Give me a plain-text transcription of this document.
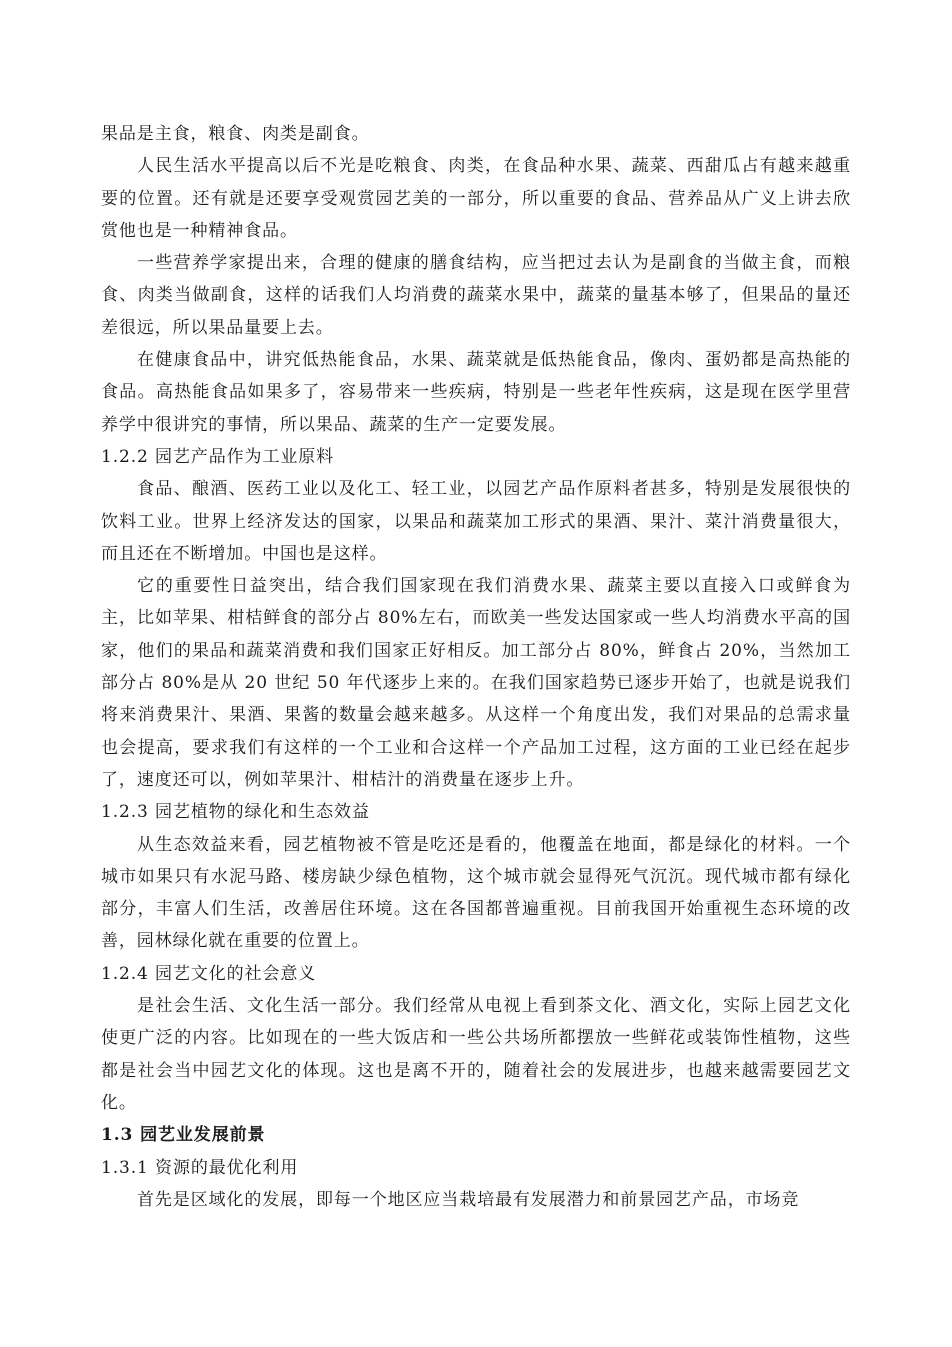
果品是主食，粮食、肉类是副食。

人民生活水平提高以后不光是吃粮食、肉类，在食品种水果、蔬菜、西甜瓜占有越来越重要的位置。还有就是还要享受观赏园艺美的一部分，所以重要的食品、营养品从广义上讲去欣赏他也是一种精神食品。

一些营养学家提出来，合理的健康的膳食结构，应当把过去认为是副食的当做主食，而粮食、肉类当做副食，这样的话我们人均消费的蔬菜水果中，蔬菜的量基本够了，但果品的量还差很远，所以果品量要上去。

在健康食品中，讲究低热能食品，水果、蔬菜就是低热能食品，像肉、蛋奶都是高热能的食品。高热能食品如果多了，容易带来一些疾病，特别是一些老年性疾病，这是现在医学里营养学中很讲究的事情，所以果品、蔬菜的生产一定要发展。

1.2.2 园艺产品作为工业原料

食品、酿酒、医药工业以及化工、轻工业，以园艺产品作原料者甚多，特别是发展很快的饮料工业。世界上经济发达的国家，以果品和蔬菜加工形式的果酒、果汁、菜汁消费量很大，而且还在不断增加。中国也是这样。

它的重要性日益突出，结合我们国家现在我们消费水果、蔬菜主要以直接入口或鲜食为主，比如苹果、柑桔鲜食的部分占 80%左右，而欧美一些发达国家或一些人均消费水平高的国家，他们的果品和蔬菜消费和我们国家正好相反。加工部分占 80%，鲜食占 20%，当然加工部分占 80%是从 20 世纪 50 年代逐步上来的。在我们国家趋势已逐步开始了，也就是说我们将来消费果汁、果酒、果酱的数量会越来越多。从这样一个角度出发，我们对果品的总需求量也会提高，要求我们有这样的一个工业和合这样一个产品加工过程，这方面的工业已经在起步了，速度还可以，例如苹果汁、柑桔汁的消费量在逐步上升。

1.2.3 园艺植物的绿化和生态效益

从生态效益来看，园艺植物被不管是吃还是看的，他覆盖在地面，都是绿化的材料。一个城市如果只有水泥马路、楼房缺少绿色植物，这个城市就会显得死气沉沉。现代城市都有绿化部分，丰富人们生活，改善居住环境。这在各国都普遍重视。目前我国开始重视生态环境的改善，园林绿化就在重要的位置上。

1.2.4 园艺文化的社会意义

是社会生活、文化生活一部分。我们经常从电视上看到茶文化、酒文化，实际上园艺文化使更广泛的内容。比如现在的一些大饭店和一些公共场所都摆放一些鲜花或装饰性植物，这些都是社会当中园艺文化的体现。这也是离不开的，随着社会的发展进步，也越来越需要园艺文化。

1.3 园艺业发展前景
1.3.1 资源的最优化利用

首先是区域化的发展，即每一个地区应当栽培最有发展潜力和前景园艺产品，市场竞
